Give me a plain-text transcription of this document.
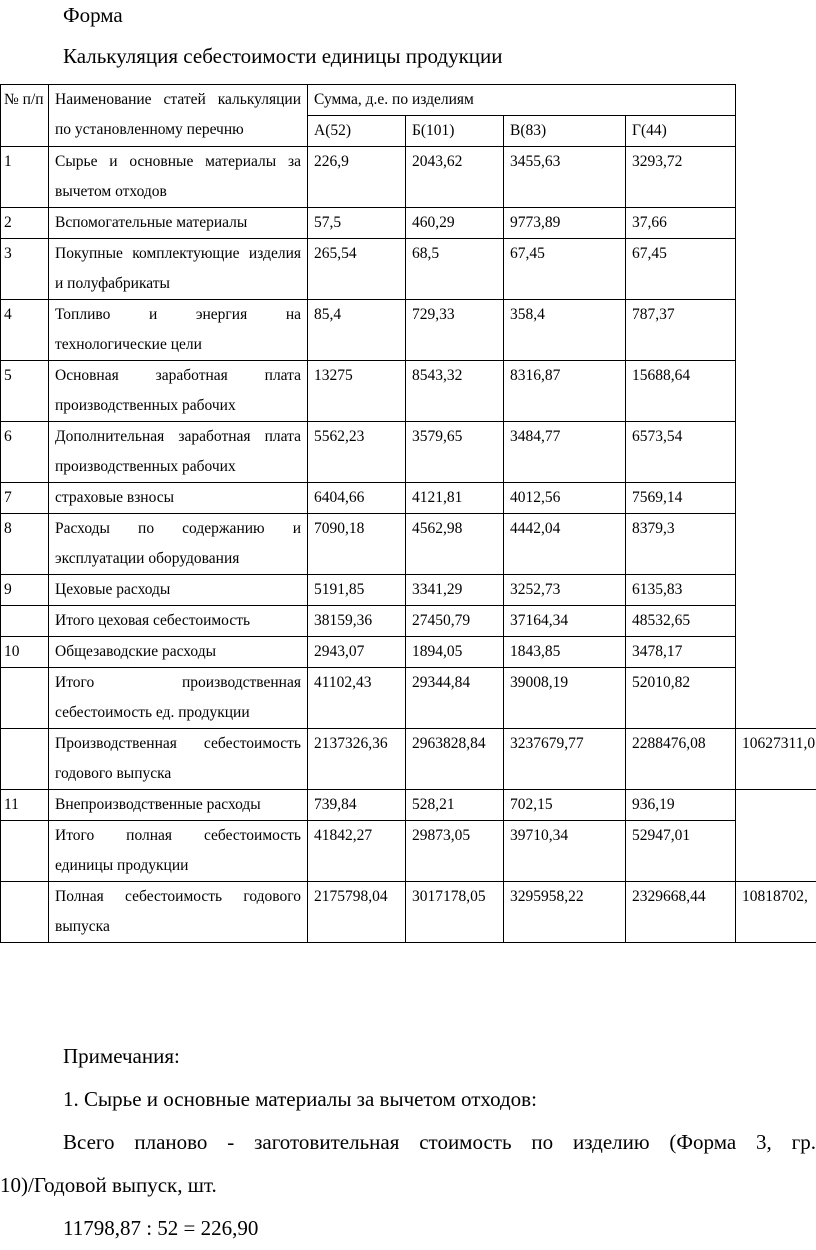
Форма
Калькуляция себестоимости единицы продукции
№ п/п	Наименование статей калькуляции по установленному перечню	Сумма, д.е. по изделиям				
		А(52)	Б(101)	В(83)	Г(44)	
1	Сырье и основные материалы за вычетом отходов	226,9	2043,62	3455,63	3293,72	
2	Вспомогательные материалы	57,5	460,29	9773,89	37,66	
3	Покупные комплектующие изделия и полуфабрикаты	265,54	68,5	67,45	67,45	
4	Топливо и энергия на технологические цели	85,4	729,33	358,4	787,37	
5	Основная заработная плата производственных рабочих	13275	8543,32	8316,87	15688,64	
6	Дополнительная заработная плата производственных рабочих	5562,23	3579,65	3484,77	6573,54	
7	страховые взносы	6404,66	4121,81	4012,56	7569,14	
8	Расходы по содержанию и эксплуатации оборудования	7090,18	4562,98	4442,04	8379,3	
9	Цеховые расходы	5191,85	3341,29	3252,73	6135,83	
	Итого цеховая себестоимость	38159,36	27450,79	37164,34	48532,65	
10	Общезаводские расходы	2943,07	1894,05	1843,85	3478,17	
	Итого производственная себестоимость ед. продукции	41102,43	29344,84	39008,19	52010,82	
	Производственная себестоимость годового выпуска	2137326,36	2963828,84	3237679,77	2288476,08	10627311,0
11	Внепроизводственные расходы	739,84	528,21	702,15	936,19	
	Итого полная себестоимость единицы продукции	41842,27	29873,05	39710,34	52947,01	
	Полная себестоимость годового выпуска	2175798,04	3017178,05	3295958,22	2329668,44	10818702,
Примечания:
1. Сырье и основные материалы за вычетом отходов:
Всего планово - заготовительная стоимость по изделию (Форма 3, гр.
10)/Годовой выпуск, шт.
11798,87 : 52 = 226,90
